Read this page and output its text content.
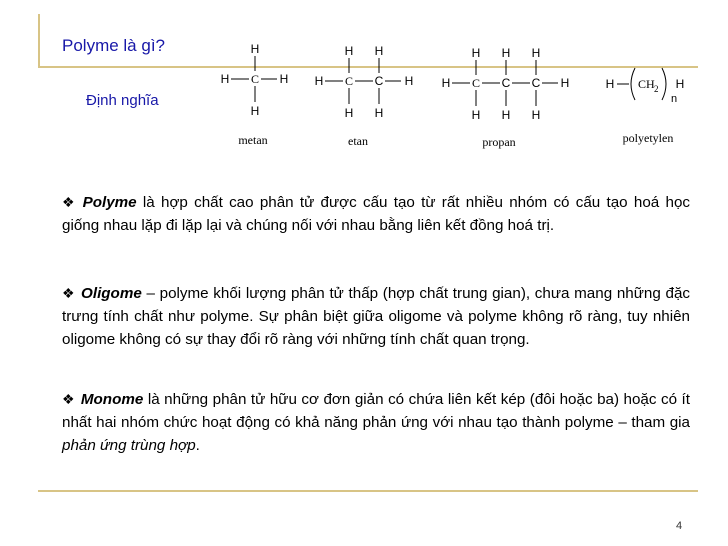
Polyme là gì?
Định nghĩa
H
H C H
H
metan
H H
H C C H
H H
etan
H H H
H C C C H
H H H
propan
H CH 2 H
n
polyetylen
❖ Polyme là hợp chất cao phân tử được cấu tạo từ rất nhiều nhóm có cấu tạo hoá học giống nhau lặp đi lặp lại và chúng nối với nhau bằng liên kết đồng hoá trị.
❖ Oligome – polyme khối lượng phân tử thấp (hợp chất trung gian), chưa mang những đặc trưng tính chất như polyme. Sự phân biệt giữa oligome và polyme không rõ ràng, tuy nhiên oligome không có sự thay đổi rõ ràng với những tính chất quan trọng.
❖ Monome là những phân tử hữu cơ đơn giản có chứa liên kết kép (đôi hoặc ba) hoặc có ít nhất hai nhóm chức hoạt động có khả năng phản ứng với nhau tạo thành polyme – tham gia phản ứng trùng hợp.
4
